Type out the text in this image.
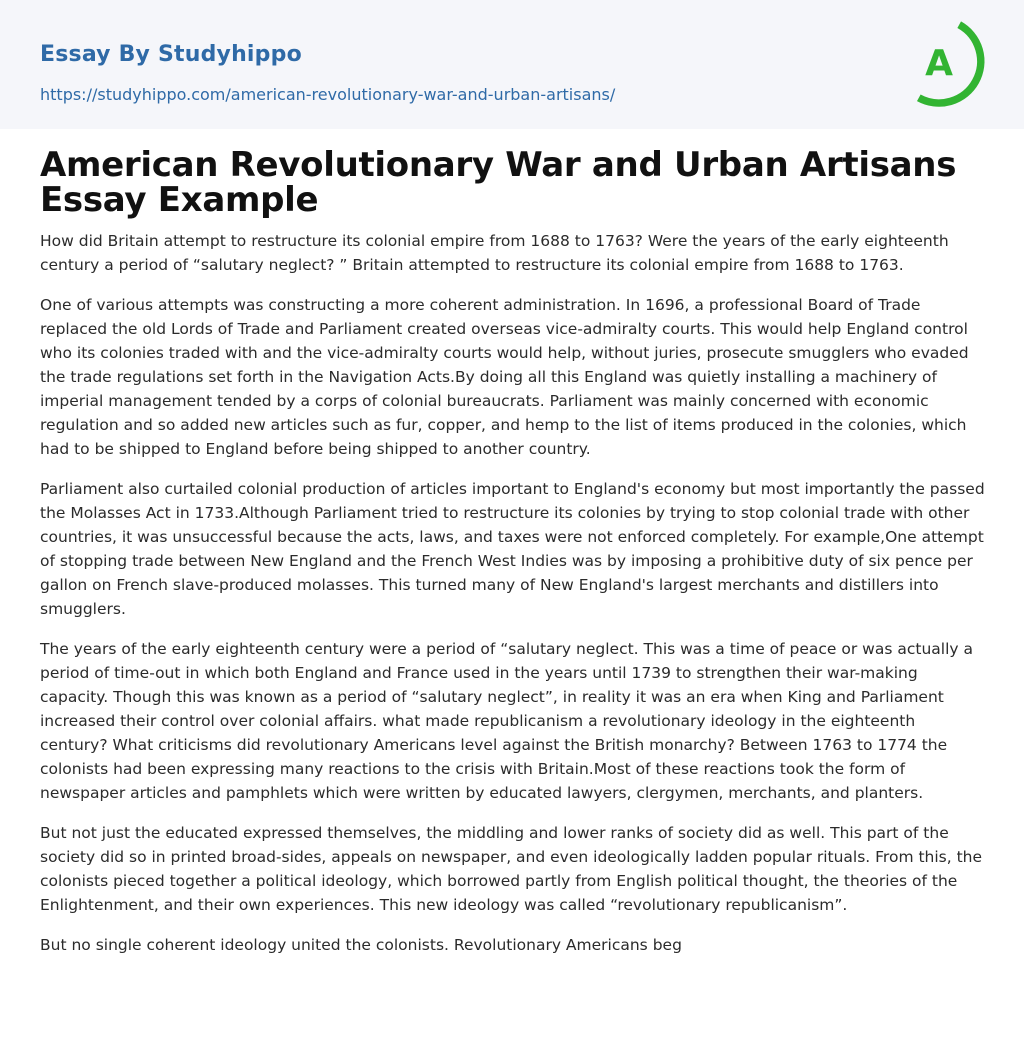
Essay By Studyhippo
https://studyhippo.com/american-revolutionary-war-and-urban-artisans/
A
American Revolutionary War and Urban Artisans Essay Example

How did Britain attempt to restructure its colonial empire from 1688 to 1763? Were the years of the early eighteenth century a period of “salutary neglect? ” Britain attempted to restructure its colonial empire from 1688 to 1763.

One of various attempts was constructing a more coherent administration. In 1696, a professional Board of Trade replaced the old Lords of Trade and Parliament created overseas vice-admiralty courts. This would help England control who its colonies traded with and the vice-admiralty courts would help, without juries, prosecute smugglers who evaded the trade regulations set forth in the Navigation Acts.By doing all this England was quietly installing a machinery of imperial management tended by a corps of colonial bureaucrats. Parliament was mainly concerned with economic regulation and so added new articles such as fur, copper, and hemp to the list of items produced in the colonies, which had to be shipped to England before being shipped to another country.

Parliament also curtailed colonial production of articles important to England's economy but most importantly the passed the Molasses Act in 1733.Although Parliament tried to restructure its colonies by trying to stop colonial trade with other countries, it was unsuccessful because the acts, laws, and taxes were not enforced completely. For example,One attempt of stopping trade between New England and the French West Indies was by imposing a prohibitive duty of six pence per gallon on French slave-produced molasses. This turned many of New England's largest merchants and distillers into smugglers.

The years of the early eighteenth century were a period of “salutary neglect. This was a time of peace or was actually a period of time-out in which both England and France used in the years until 1739 to strengthen their war-making capacity. Though this was known as a period of “salutary neglect”, in reality it was an era when King and Parliament increased their control over colonial affairs. what made republicanism a revolutionary ideology in the eighteenth century? What criticisms did revolutionary Americans level against the British monarchy? Between 1763 to 1774 the colonists had been expressing many reactions to the crisis with Britain.Most of these reactions took the form of newspaper articles and pamphlets which were written by educated lawyers, clergymen, merchants, and planters.

But not just the educated expressed themselves, the middling and lower ranks of society did as well. This part of the society did so in printed broad-sides, appeals on newspaper, and even ideologically ladden popular rituals. From this, the colonists pieced together a political ideology, which borrowed partly from English political thought, the theories of the Enlightenment, and their own experiences. This new ideology was called “revolutionary republicanism”.

But no single coherent ideology united the colonists. Revolutionary Americans beg
